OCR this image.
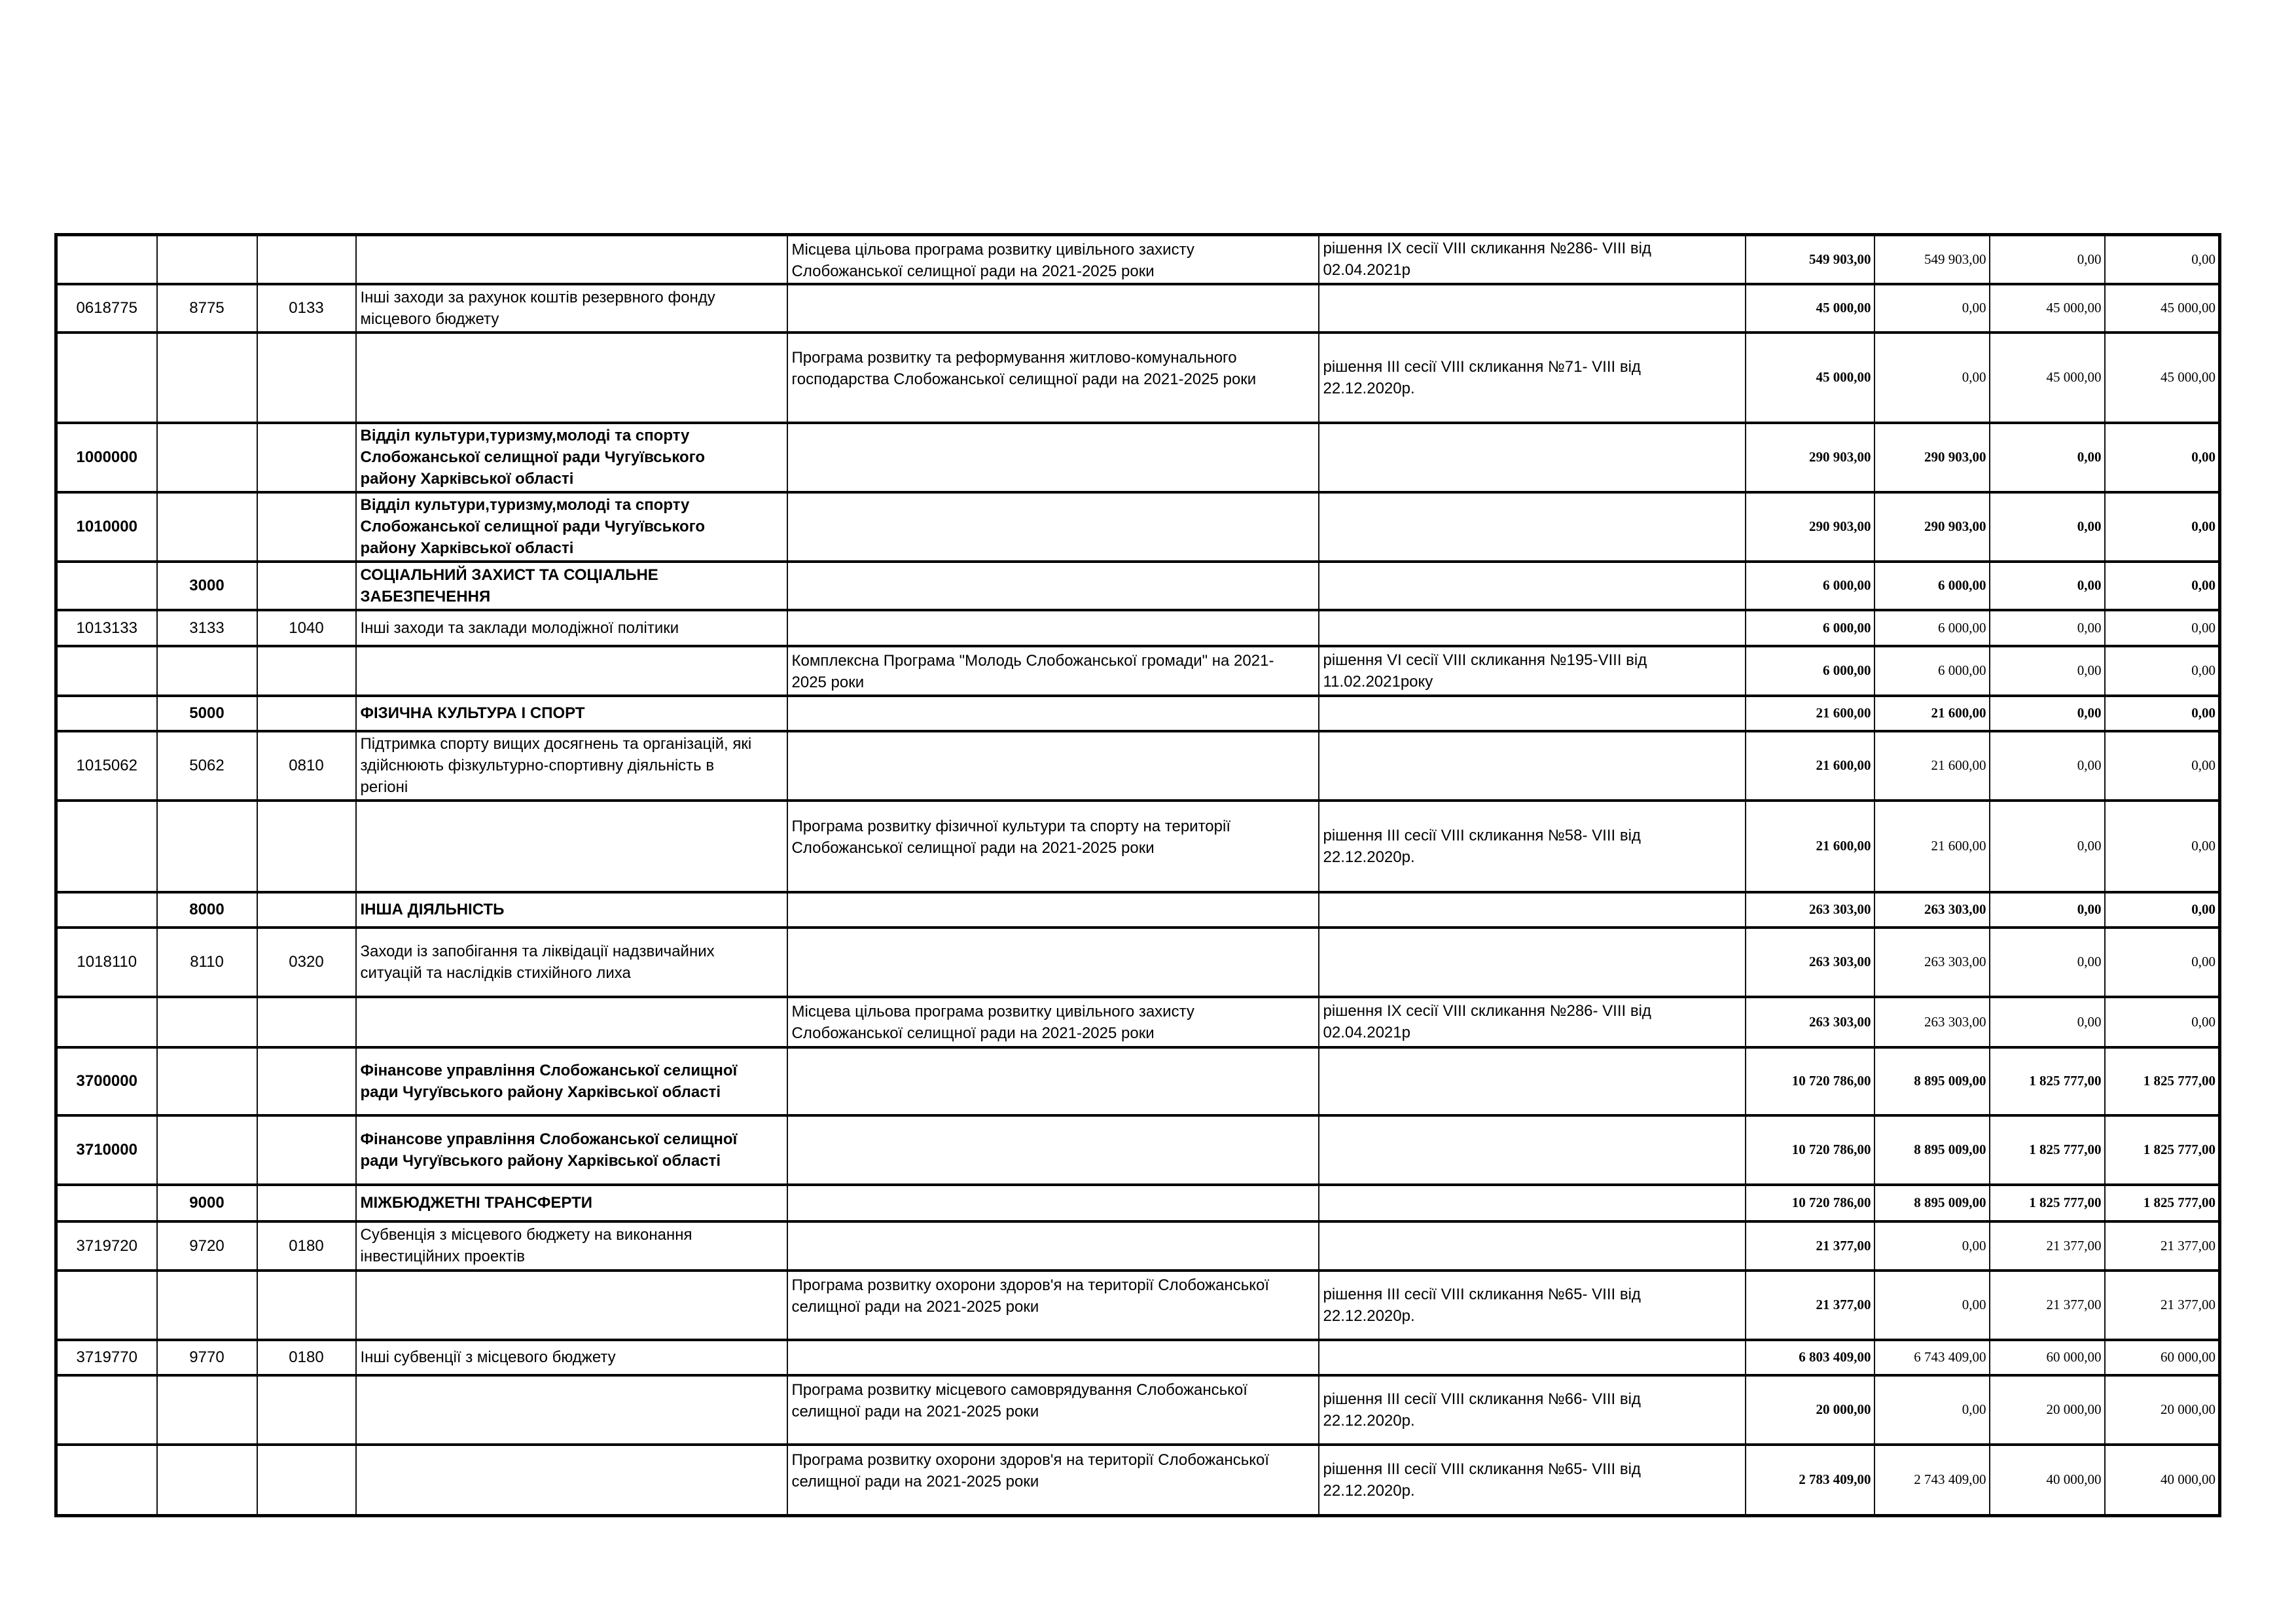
				Місцева цільова програма розвитку цивільного захисту
Слобожанської селищної ради на 2021-2025 роки	рішення IX сесії VIII скликання №286- VIII від
02.04.2021р	549 903,00	549 903,00	0,00	0,00
0618775	8775	0133	Інші заходи за рахунок коштів резервного фонду
місцевого бюджету			45 000,00	0,00	45 000,00	45 000,00
				Програма розвитку та реформування житлово-комунального
господарства Слобожанської селищної ради на 2021-2025 роки	рішення III сесії VIII скликання №71- VIII від
22.12.2020р.	45 000,00	0,00	45 000,00	45 000,00
1000000			Відділ культури,туризму,молоді та спорту
Слобожанської селищної ради Чугуївського
району Харківської області			290 903,00	290 903,00	0,00	0,00
1010000			Відділ культури,туризму,молоді та спорту
Слобожанської селищної ради Чугуївського
району Харківської області			290 903,00	290 903,00	0,00	0,00
	3000		СОЦІАЛЬНИЙ ЗАХИСТ ТА СОЦІАЛЬНЕ
ЗАБЕЗПЕЧЕННЯ			6 000,00	6 000,00	0,00	0,00
1013133	3133	1040	Інші заходи та заклади молодіжної політики			6 000,00	6 000,00	0,00	0,00
				Комплексна Програма "Молодь Слобожанської громади" на 2021-
2025 роки	рішення VI сесії VIII скликання №195-VIII від
11.02.2021року	6 000,00	6 000,00	0,00	0,00
	5000		ФІЗИЧНА КУЛЬТУРА І СПОРТ			21 600,00	21 600,00	0,00	0,00
1015062	5062	0810	Підтримка спорту вищих досягнень та організацій, які
здійснюють фізкультурно-спортивну діяльність в
регіоні			21 600,00	21 600,00	0,00	0,00
				Програма розвитку фізичної культури та спорту на території
Слобожанської селищної ради на 2021-2025 роки	рішення III сесії VIII скликання №58- VIII від
22.12.2020р.	21 600,00	21 600,00	0,00	0,00
	8000		ІНША ДІЯЛЬНІСТЬ			263 303,00	263 303,00	0,00	0,00
1018110	8110	0320	Заходи із запобігання та ліквідації надзвичайних
ситуацій та наслідків стихійного лиха			263 303,00	263 303,00	0,00	0,00
				Місцева цільова програма розвитку цивільного захисту
Слобожанської селищної ради на 2021-2025 роки	рішення IX сесії VIII скликання №286- VIII від
02.04.2021р	263 303,00	263 303,00	0,00	0,00
3700000			Фінансове управління Слобожанської селищної
ради Чугуївського району Харківської області			10 720 786,00	8 895 009,00	1 825 777,00	1 825 777,00
3710000			Фінансове управління Слобожанської селищної
ради Чугуївського району Харківської області			10 720 786,00	8 895 009,00	1 825 777,00	1 825 777,00
	9000		МІЖБЮДЖЕТНІ ТРАНСФЕРТИ			10 720 786,00	8 895 009,00	1 825 777,00	1 825 777,00
3719720	9720	0180	Субвенція з місцевого бюджету на виконання
інвестиційних проектів			21 377,00	0,00	21 377,00	21 377,00
				Програма розвитку охорони здоров'я на території Слобожанської
селищної ради на 2021-2025 роки	рішення III сесії VIII скликання №65- VIII від
22.12.2020р.	21 377,00	0,00	21 377,00	21 377,00
3719770	9770	0180	Інші субвенції з місцевого бюджету			6 803 409,00	6 743 409,00	60 000,00	60 000,00
				Програма розвитку місцевого самоврядування Слобожанської
селищної ради на 2021-2025 роки	рішення III сесії VIII скликання №66- VIII від
22.12.2020р.	20 000,00	0,00	20 000,00	20 000,00
				Програма розвитку охорони здоров'я на території Слобожанської
селищної ради на 2021-2025 роки	рішення III сесії VIII скликання №65- VIII від
22.12.2020р.	2 783 409,00	2 743 409,00	40 000,00	40 000,00
